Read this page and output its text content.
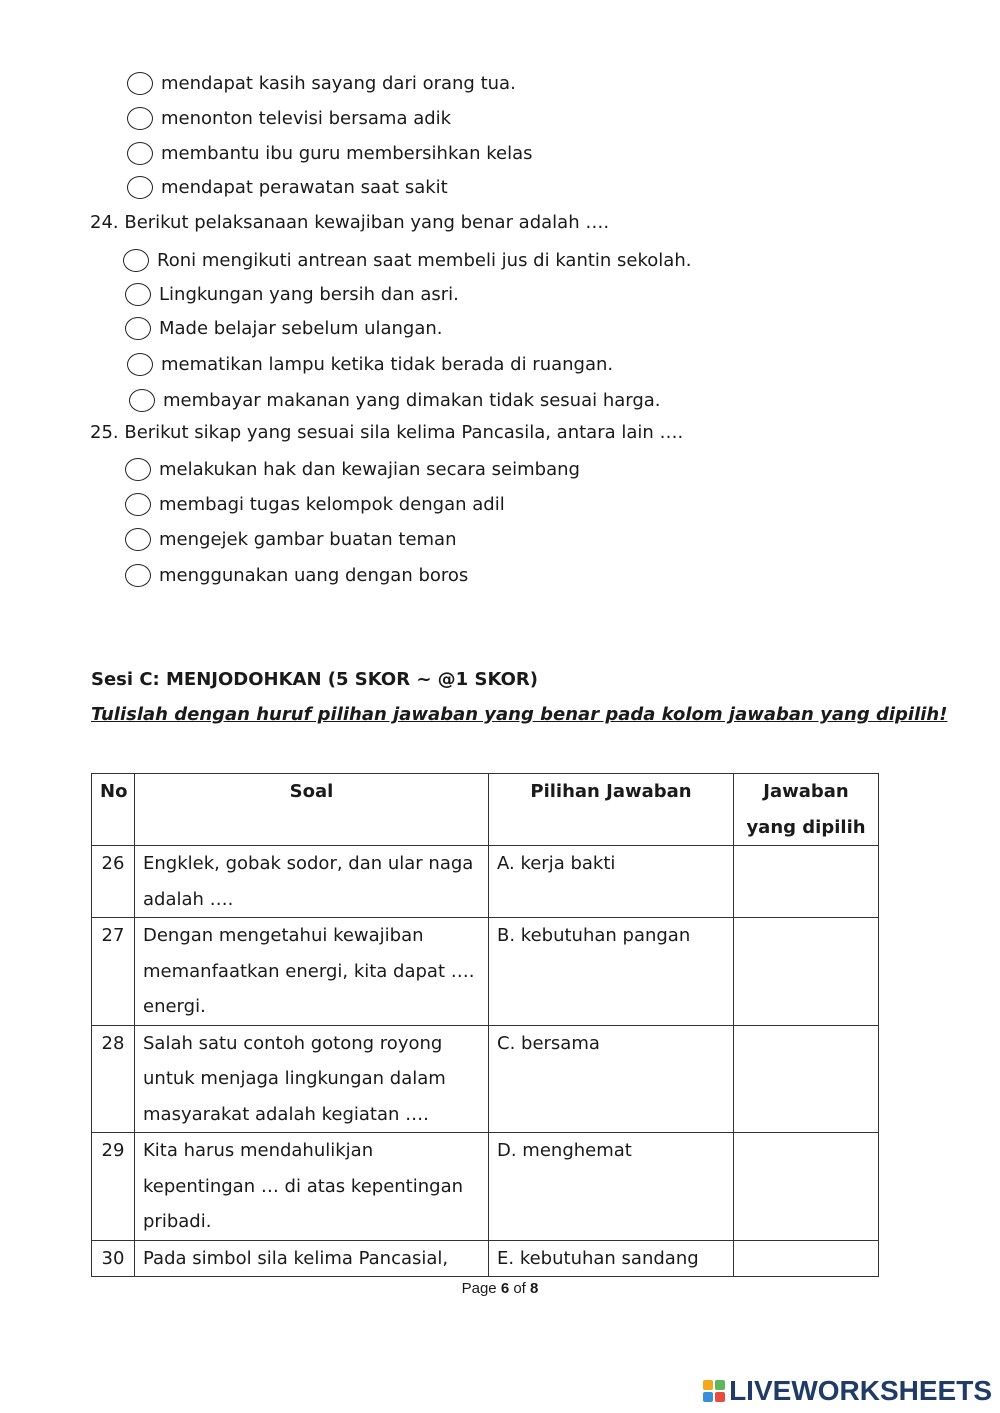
mendapat kasih sayang dari orang tua.
menonton televisi bersama adik
membantu ibu guru membersihkan kelas
mendapat perawatan saat sakit
24. Berikut pelaksanaan kewajiban yang benar adalah ….
Roni mengikuti antrean saat membeli jus di kantin sekolah.
Lingkungan yang bersih dan asri.
Made belajar sebelum ulangan.
mematikan lampu ketika tidak berada di ruangan.
membayar makanan yang dimakan tidak sesuai harga.
25. Berikut sikap yang sesuai sila kelima Pancasila, antara lain ….
melakukan hak dan kewajian secara seimbang
membagi tugas kelompok dengan adil
mengejek gambar buatan teman
menggunakan uang dengan boros
Sesi C: MENJODOHKAN (5 SKOR ~ @1 SKOR)
Tulislah dengan huruf pilihan jawaban yang benar pada kolom jawaban yang dipilih!
No	Soal	Pilihan Jawaban	Jawaban yang dipilih
26	Engklek, gobak sodor, dan ular naga adalah ….	A. kerja bakti	
27	Dengan mengetahui kewajiban memanfaatkan energi, kita dapat …. energi.	B. kebutuhan pangan	
28	Salah satu contoh gotong royong untuk menjaga lingkungan dalam masyarakat adalah kegiatan ….	C. bersama	
29	Kita harus mendahulikjan kepentingan … di atas kepentingan pribadi.	D. menghemat	
30	Pada simbol sila kelima Pancasial,	E. kebutuhan sandang	
Page 6 of 8
LIVEWORKSHEETS
